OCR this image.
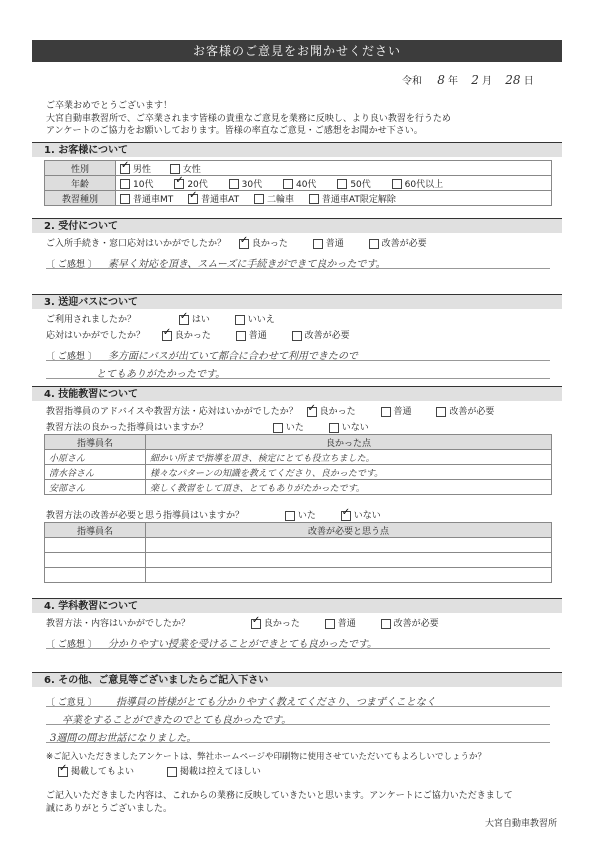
お客様のご意見をお聞かせください
令和 8 年 2 月 28 日
ご卒業おめでとうございます！
大宮自動車教習所で、ご卒業されます皆様の貴重なご意見を業務に反映し、より良い教習を行うため
アンケートのご協力をお願いしております。皆様の率直なご意見・ご感想をお聞かせ下さい。
1. お客様について
性別	✓男性 女性
年齢	10代 ✓ 20代 30代 40代 50代 60代以上
教習種別	普通車MT ✓ 普通車AT 二輪車 普通車AT限定解除
2. 受付について
ご入所手続き・窓口応対はいかがでしたか？ ✓	良かった	普通	改善が必要
〔 ご感想 〕 素早く対応を頂き、スムーズに手続きができて良かったです。
3. 送迎バスについて
ご利用されましたか？ ✓	はい	いいえ
応対はいかがでしたか？ ✓	良かった	普通	改善が必要
〔 ご感想 〕 多方面にバスが出ていて都合に合わせて利用できたので
とてもありがたかったです。
4. 技能教習について
教習指導員のアドバイスや教習方法・応対はいかがでしたか？ ✓ 良かった	普通	改善が必要
教習方法の良かった指導員はいますか？	いた	いない
指導員名	良かった点
小原さん	細かい所まで指導を頂き、検定にとても役立ちました。
清水谷さん	様々なパターンの知識を教えてくださり、良かったです。
安部さん	楽しく教習をして頂き、とてもありがたかったです。
教習方法の改善が必要と思う指導員はいますか？	いた ✓	いない
指導員名	改善が必要と思う点

4. 学科教習について
教習方法・内容はいかがでしたか？ ✓	良かった	普通	改善が必要
〔 ご感想 〕 分かりやすい授業を受けることができとても良かったです。
6. その他、ご意見等ございましたらご記入下さい
〔 ご意見 〕 指導員の皆様がとても分かりやすく教えてくださり、つまずくことなく
卒業をすることができたのでとても良かったです。
3週間の間お世話になりました。
※ご記入いただきましたアンケートは、弊社ホームページや印刷物に使用させていただいてもよろしいでしょうか？
✓掲載してもよい	掲載は控えてほしい
ご記入いただきました内容は、これからの業務に反映していきたいと思います。アンケートにご協力いただきまして
誠にありがとうございました。
大宮自動車教習所
